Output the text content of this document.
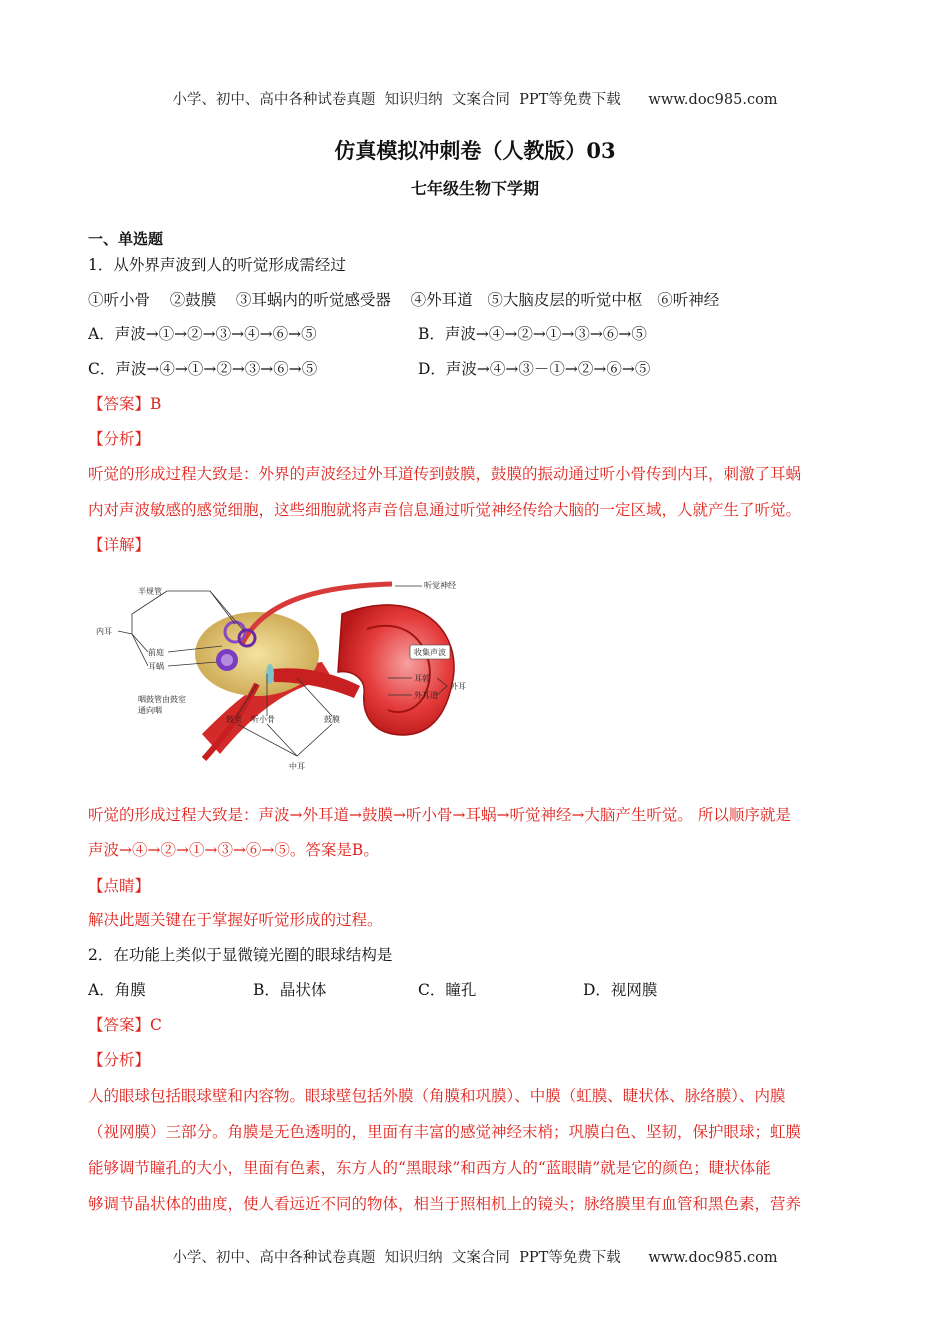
小学、初中、高中各种试卷真题  知识归纳  文案合同  PPT等免费下载      www.doc985.com
仿真模拟冲刺卷（人教版）03
七年级生物下学期
一、单选题
1．从外界声波到人的听觉形成需经过
①听小骨    ②鼓膜    ③耳蜗内的听觉感受器    ④外耳道   ⑤大脑皮层的听觉中枢   ⑥听神经
A．声波→①→②→③→④→⑥→⑤	B．声波→④→②→①→③→⑥→⑤
C．声波→④→①→②→③→⑥→⑤	D．声波→④→③－①→②→⑥→⑤
【答案】B
【分析】
听觉的形成过程大致是：外界的声波经过外耳道传到鼓膜，鼓膜的振动通过听小骨传到内耳，刺激了耳蜗
内对声波敏感的感觉细胞，这些细胞就将声音信息通过听觉神经传给大脑的一定区域，人就产生了听觉。
【详解】
半规管
内耳
前庭
耳蜗
咽鼓管由鼓室
通向咽
听觉神经
收集声波
耳郭
外耳
外耳道
鼓室 听小骨	鼓膜
中耳
听觉的形成过程大致是：声波→外耳道→鼓膜→听小骨→耳蜗→听觉神经→大脑产生听觉。 所以顺序就是
声波→④→②→①→③→⑥→⑤。答案是B。
【点睛】
解决此题关键在于掌握好听觉形成的过程。
2．在功能上类似于显微镜光圈的眼球结构是
A．角膜	B．晶状体	C．瞳孔	D．视网膜
【答案】C
【分析】
人的眼球包括眼球壁和内容物。眼球壁包括外膜（角膜和巩膜）、中膜（虹膜、睫状体、脉络膜）、内膜
（视网膜）三部分。角膜是无色透明的，里面有丰富的感觉神经末梢；巩膜白色、坚韧，保护眼球；虹膜
能够调节瞳孔的大小，里面有色素，东方人的“黑眼球”和西方人的“蓝眼睛”就是它的颜色；睫状体能
够调节晶状体的曲度，使人看远近不同的物体，相当于照相机上的镜头；脉络膜里有血管和黑色素，营养
小学、初中、高中各种试卷真题  知识归纳  文案合同  PPT等免费下载      www.doc985.com
